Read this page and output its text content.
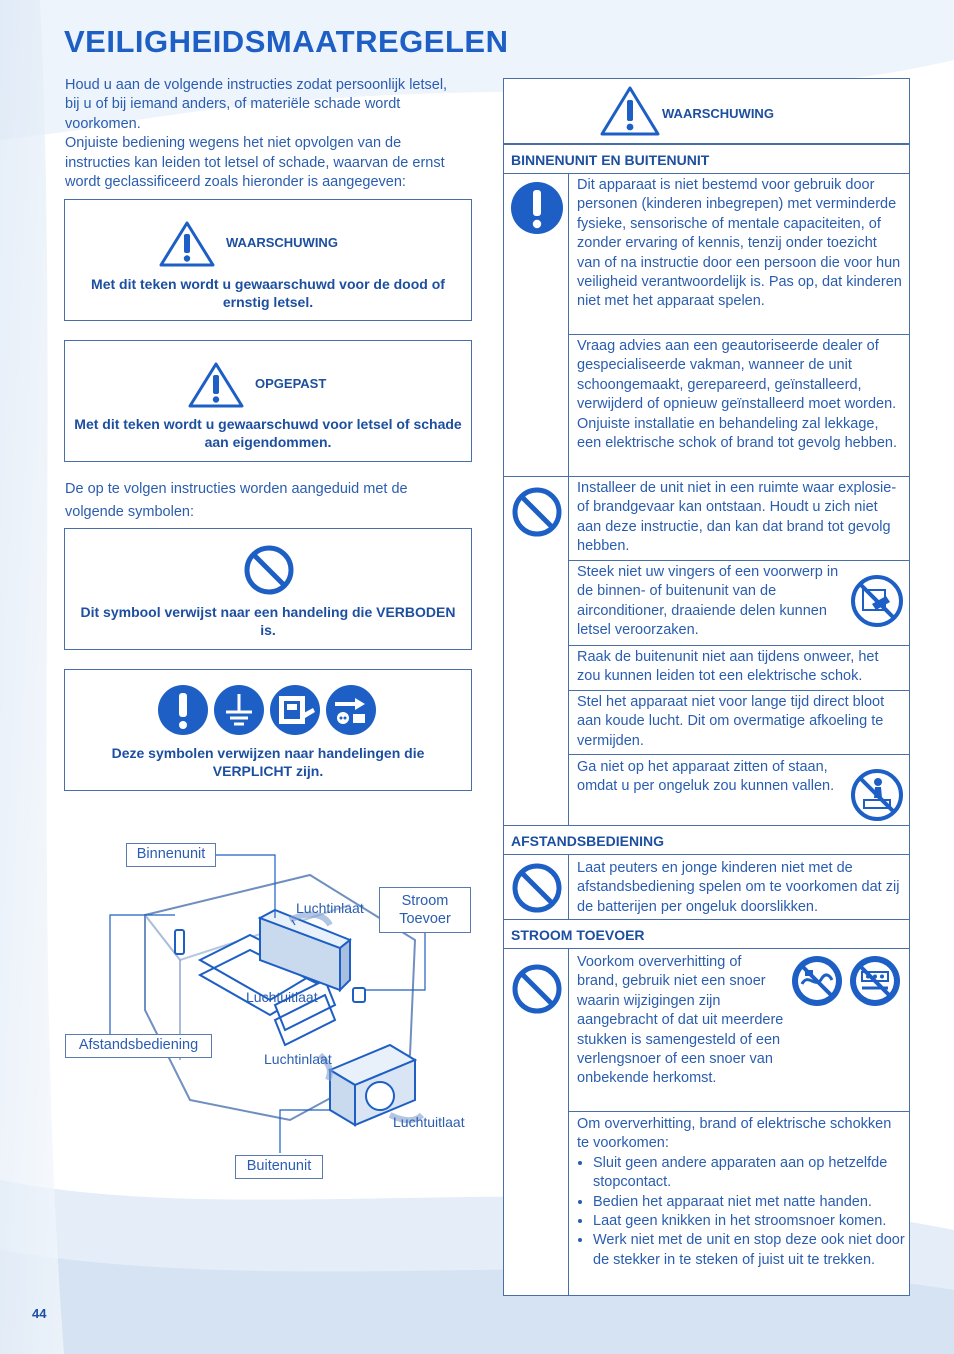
VEILIGHEIDSMAATREGELEN

Houd u aan de volgende instructies zodat persoonlijk letsel, bij u of bij iemand anders, of materiële schade wordt voorkomen.

Onjuiste bediening wegens het niet opvolgen van de instructies kan leiden tot letsel of schade, waarvan de ernst wordt geclassificeerd zoals hieronder is aangegeven:

WAARSCHUWING
Met dit teken wordt u gewaarschuwd voor de dood of ernstig letsel.
OPGEPAST
Met dit teken wordt u gewaarschuwd voor letsel of schade aan eigendommen.
De op te volgen instructies worden aangeduid met de volgende symbolen:
Dit symbool verwijst naar een handeling die VERBODEN is.
Deze symbolen verwijzen naar handelingen die VERPLICHT zijn.
Binnenunit
Luchtinlaat	Stroom
Toevoer
Luchtuitlaat
Afstandsbediening
Luchtinlaat
Luchtuitlaat
Buitenunit
WAARSCHUWING
BINNENUNIT EN BUITENUNIT
Dit apparaat is niet bestemd voor gebruik door personen (kinderen inbegrepen) met verminderde fysieke, sensorische of mentale capaciteiten, of zonder ervaring of kennis, tenzij onder toezicht van of na instructie door een persoon die voor hun veiligheid verantwoordelijk is. Pas op, dat kinderen niet met het apparaat spelen.
Vraag advies aan een geautoriseerde dealer of gespecialiseerde vakman, wanneer de unit schoongemaakt, gerepareerd, geïnstalleerd, verwijderd of opnieuw geïnstalleerd moet worden. Onjuiste installatie en behandeling zal lekkage, een elektrische schok of brand tot gevolg hebben.
Installeer de unit niet in een ruimte waar explosie- of brandgevaar kan ontstaan. Houdt u zich niet aan deze instructie, dan kan dat brand tot gevolg hebben.
Steek niet uw vingers of een voorwerp in de binnen- of buitenunit van de airconditioner, draaiende delen kunnen letsel veroorzaken.
Raak de buitenunit niet aan tijdens onweer, het zou kunnen leiden tot een elektrische schok.
Stel het apparaat niet voor lange tijd direct bloot aan koude lucht. Dit om overmatige afkoeling te vermijden.
Ga niet op het apparaat zitten of staan, omdat u per ongeluk zou kunnen vallen.
AFSTANDSBEDIENING
Laat peuters en jonge kinderen niet met de afstandsbediening spelen om te voorkomen dat zij de batterijen per ongeluk doorslikken.
STROOM TOEVOER
Voorkom oververhitting of brand, gebruik niet een snoer waarin wijzigingen zijn aangebracht of dat uit meerdere stukken is samengesteld of een verlengsnoer of een snoer van onbekende herkomst.
Om oververhitting, brand of elektrische schokken te voorkomen:
• Sluit geen andere apparaten aan op hetzelfde stopcontact.
• Bedien het apparaat niet met natte handen.
• Laat geen knikken in het stroomsnoer komen.
• Werk niet met de unit en stop deze ook niet door de stekker in te steken of juist uit te trekken.
44
